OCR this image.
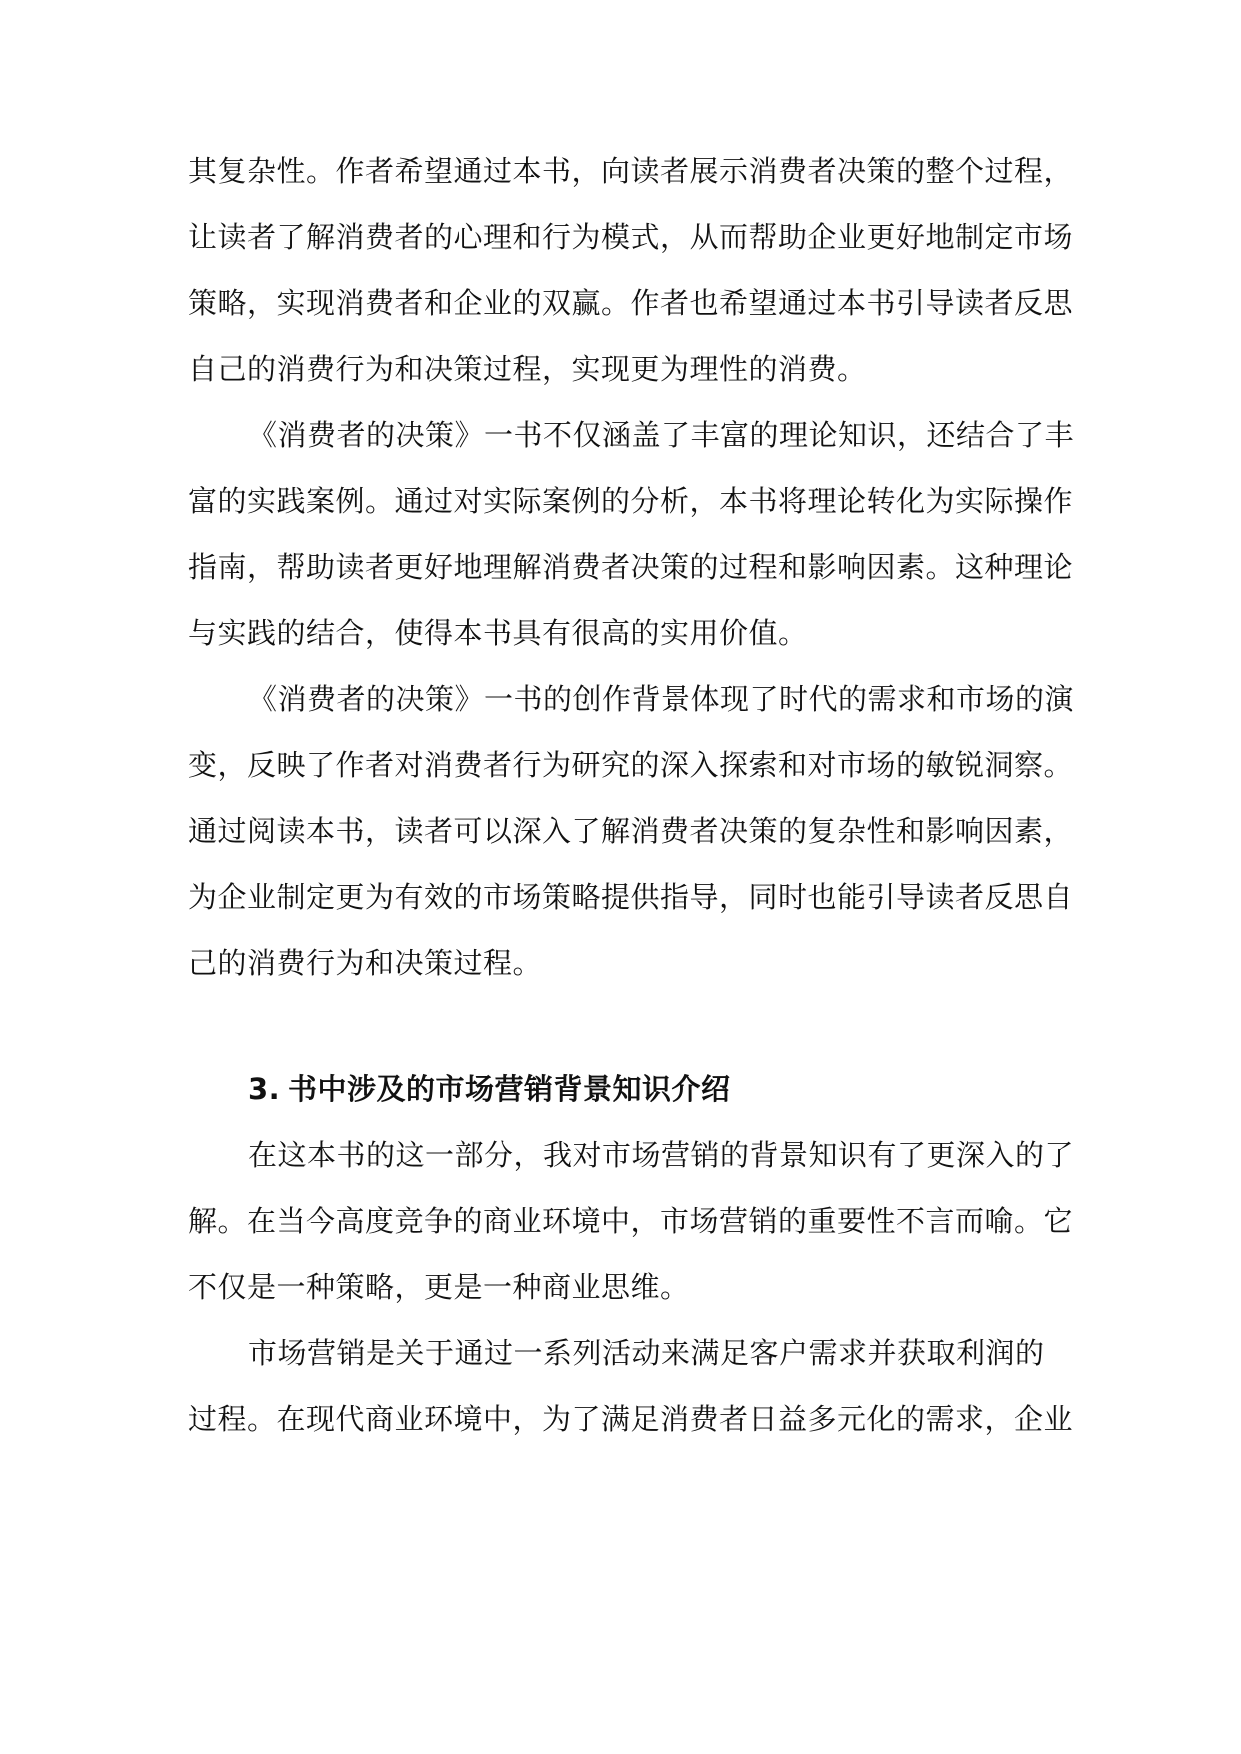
其复杂性。作者希望通过本书，向读者展示消费者决策的整个过程，
让读者了解消费者的心理和行为模式，从而帮助企业更好地制定市场
策略，实现消费者和企业的双赢。作者也希望通过本书引导读者反思
自己的消费行为和决策过程，实现更为理性的消费。
《消费者的决策》一书不仅涵盖了丰富的理论知识，还结合了丰
富的实践案例。通过对实际案例的分析，本书将理论转化为实际操作
指南，帮助读者更好地理解消费者决策的过程和影响因素。这种理论
与实践的结合，使得本书具有很高的实用价值。
《消费者的决策》一书的创作背景体现了时代的需求和市场的演
变，反映了作者对消费者行为研究的深入探索和对市场的敏锐洞察。
通过阅读本书，读者可以深入了解消费者决策的复杂性和影响因素，
为企业制定更为有效的市场策略提供指导，同时也能引导读者反思自
己的消费行为和决策过程。
3. 书中涉及的市场营销背景知识介绍
在这本书的这一部分，我对市场营销的背景知识有了更深入的了
解。在当今高度竞争的商业环境中，市场营销的重要性不言而喻。它
不仅是一种策略，更是一种商业思维。
市场营销是关于通过一系列活动来满足客户需求并获取利润的
过程。在现代商业环境中，为了满足消费者日益多元化的需求，企业
